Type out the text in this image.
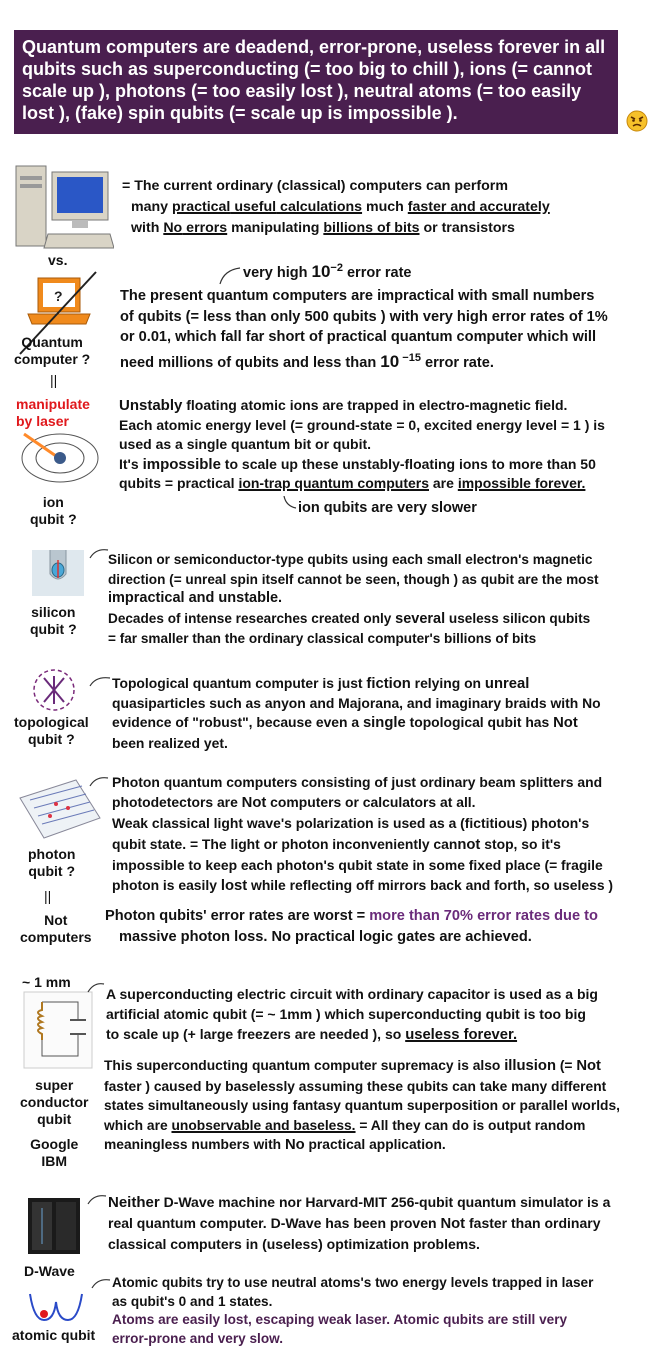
Quantum computers are deadend, error-prone, useless forever in all qubits such as superconducting (= too big to chill ), ions (= cannot scale up ), photons (= too easily lost ), neutral atoms (= too easily lost ), (fake) spin qubits (= scale up is impossible ).
= The current ordinary (classical) computers can perform
many practical useful calculations much faster and accurately
with No errors manipulating billions of bits or transistors
vs.
?
Quantum
computer ?
||
very high $10^{-2}$ error rate
The present quantum computers are impractical with small numbers
of qubits (= less than only 500 qubits ) with very high error rates of 1%
or 0.01, which fall far short of practical quantum computer which will
need millions of qubits and less than 10 $^{-15}$ error rate.
manipulate
by laser
ion
qubit ?
Unstably floating atomic ions are trapped in electro-magnetic field.
Each atomic energy level (= ground-state = 0, excited energy level = 1 ) is
used as a single quantum bit or qubit.
It's impossible to scale up these unstably-floating ions to more than 50
qubits = practical ion-trap quantum computers are impossible forever.
ion qubits are very slower
silicon
qubit ?
Silicon or semiconductor-type qubits using each small electron's magnetic
direction (= unreal spin itself cannot be seen, though ) as qubit are the most
impractical and unstable.
Decades of intense researches created only several useless silicon qubits
= far smaller than the ordinary classical computer's billions of bits
topological
qubit ?
Topological quantum computer is just fiction relying on unreal
quasiparticles such as anyon and Majorana, and imaginary braids with No
evidence of "robust", because even a single topological qubit has Not
been realized yet.
photon
qubit ?
||
Not
computers
Photon quantum computers consisting of just ordinary beam splitters and
photodetectors are Not computers or calculators at all.
Weak classical light wave's polarization is used as a (fictitious) photon's
qubit state. = The light or photon inconveniently cannot stop, so it's
impossible to keep each photon's qubit state in some fixed place (= fragile
photon is easily lost while reflecting off mirrors back and forth, so useless )
Photon qubits' error rates are worst = more than 70% error rates due to
massive photon loss. No practical logic gates are achieved.
~ 1 mm
super
conductor
qubit
Google
IBM
A superconducting electric circuit with ordinary capacitor is used as a big
artificial atomic qubit (= ~ 1mm ) which superconducting qubit is too big
to scale up (+ large freezers are needed ), so useless forever.
This superconducting quantum computer supremacy is also illusion (= Not
faster ) caused by baselessly assuming these qubits can take many different
states simultaneously using fantasy quantum superposition or parallel worlds,
which are unobservable and baseless. = All they can do is output random
meaningless numbers with No practical application.
D-Wave
Neither D-Wave machine nor Harvard-MIT 256-qubit quantum simulator is a
real quantum computer. D-Wave has been proven Not faster than ordinary
classical computers in (useless) optimization problems.
atomic qubit
Atomic qubits try to use neutral atoms's two energy levels trapped in laser
as qubit's 0 and 1 states.
Atoms are easily lost, escaping weak laser. Atomic qubits are still very
error-prone and very slow.
